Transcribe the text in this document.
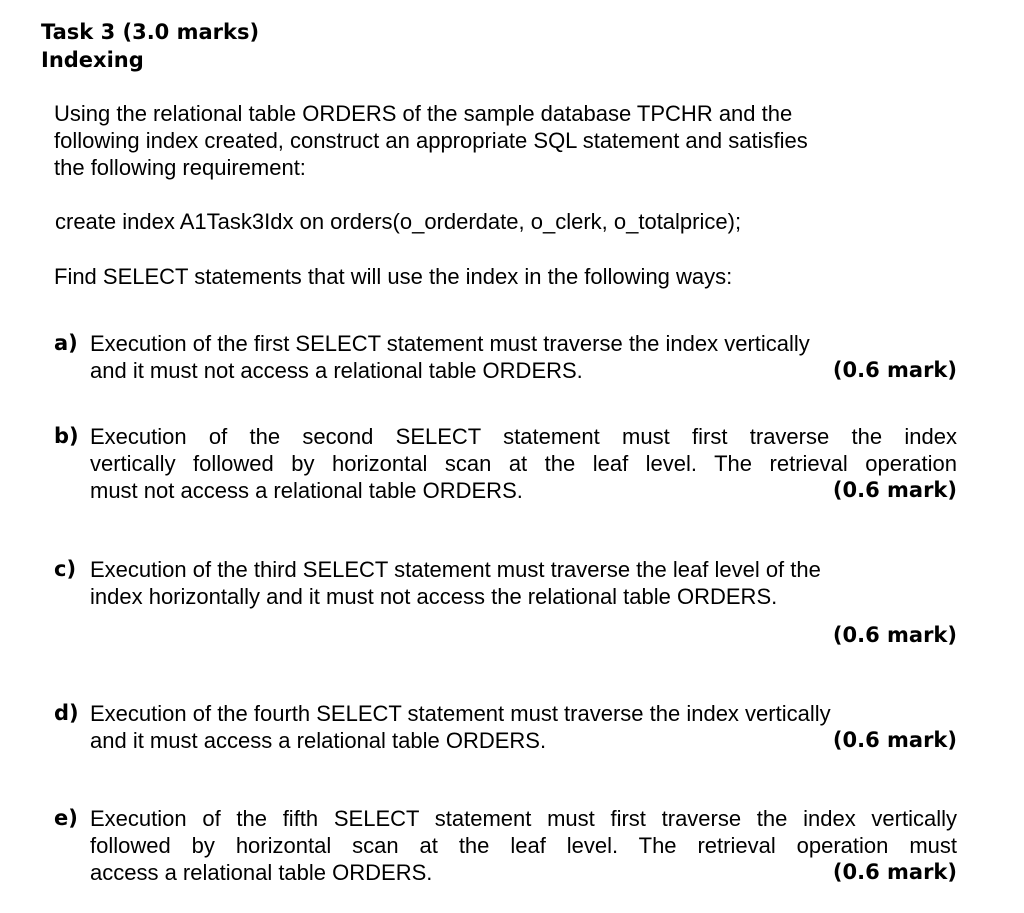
Task 3 (3.0 marks)
Indexing
Using the relational table ORDERS of the sample database TPCHR and the
following index created, construct an appropriate SQL statement and satisfies
the following requirement:
create index A1Task3Idx on orders(o_orderdate, o_clerk, o_totalprice);
Find SELECT statements that will use the index in the following ways:
a) Execution of the first SELECT statement must traverse the index vertically
and it must not access a relational table ORDERS.	(0.6 mark)
b) Execution of the second SELECT statement must first traverse the index
vertically followed by horizontal scan at the leaf level. The retrieval operation
must not access a relational table ORDERS.	(0.6 mark)
c) Execution of the third SELECT statement must traverse the leaf level of the
index horizontally and it must not access the relational table ORDERS.
(0.6 mark)
d) Execution of the fourth SELECT statement must traverse the index vertically
and it must access a relational table ORDERS.	(0.6 mark)
e) Execution of the fifth SELECT statement must first traverse the index vertically
followed by horizontal scan at the leaf level. The retrieval operation must
access a relational table ORDERS.	(0.6 mark)
